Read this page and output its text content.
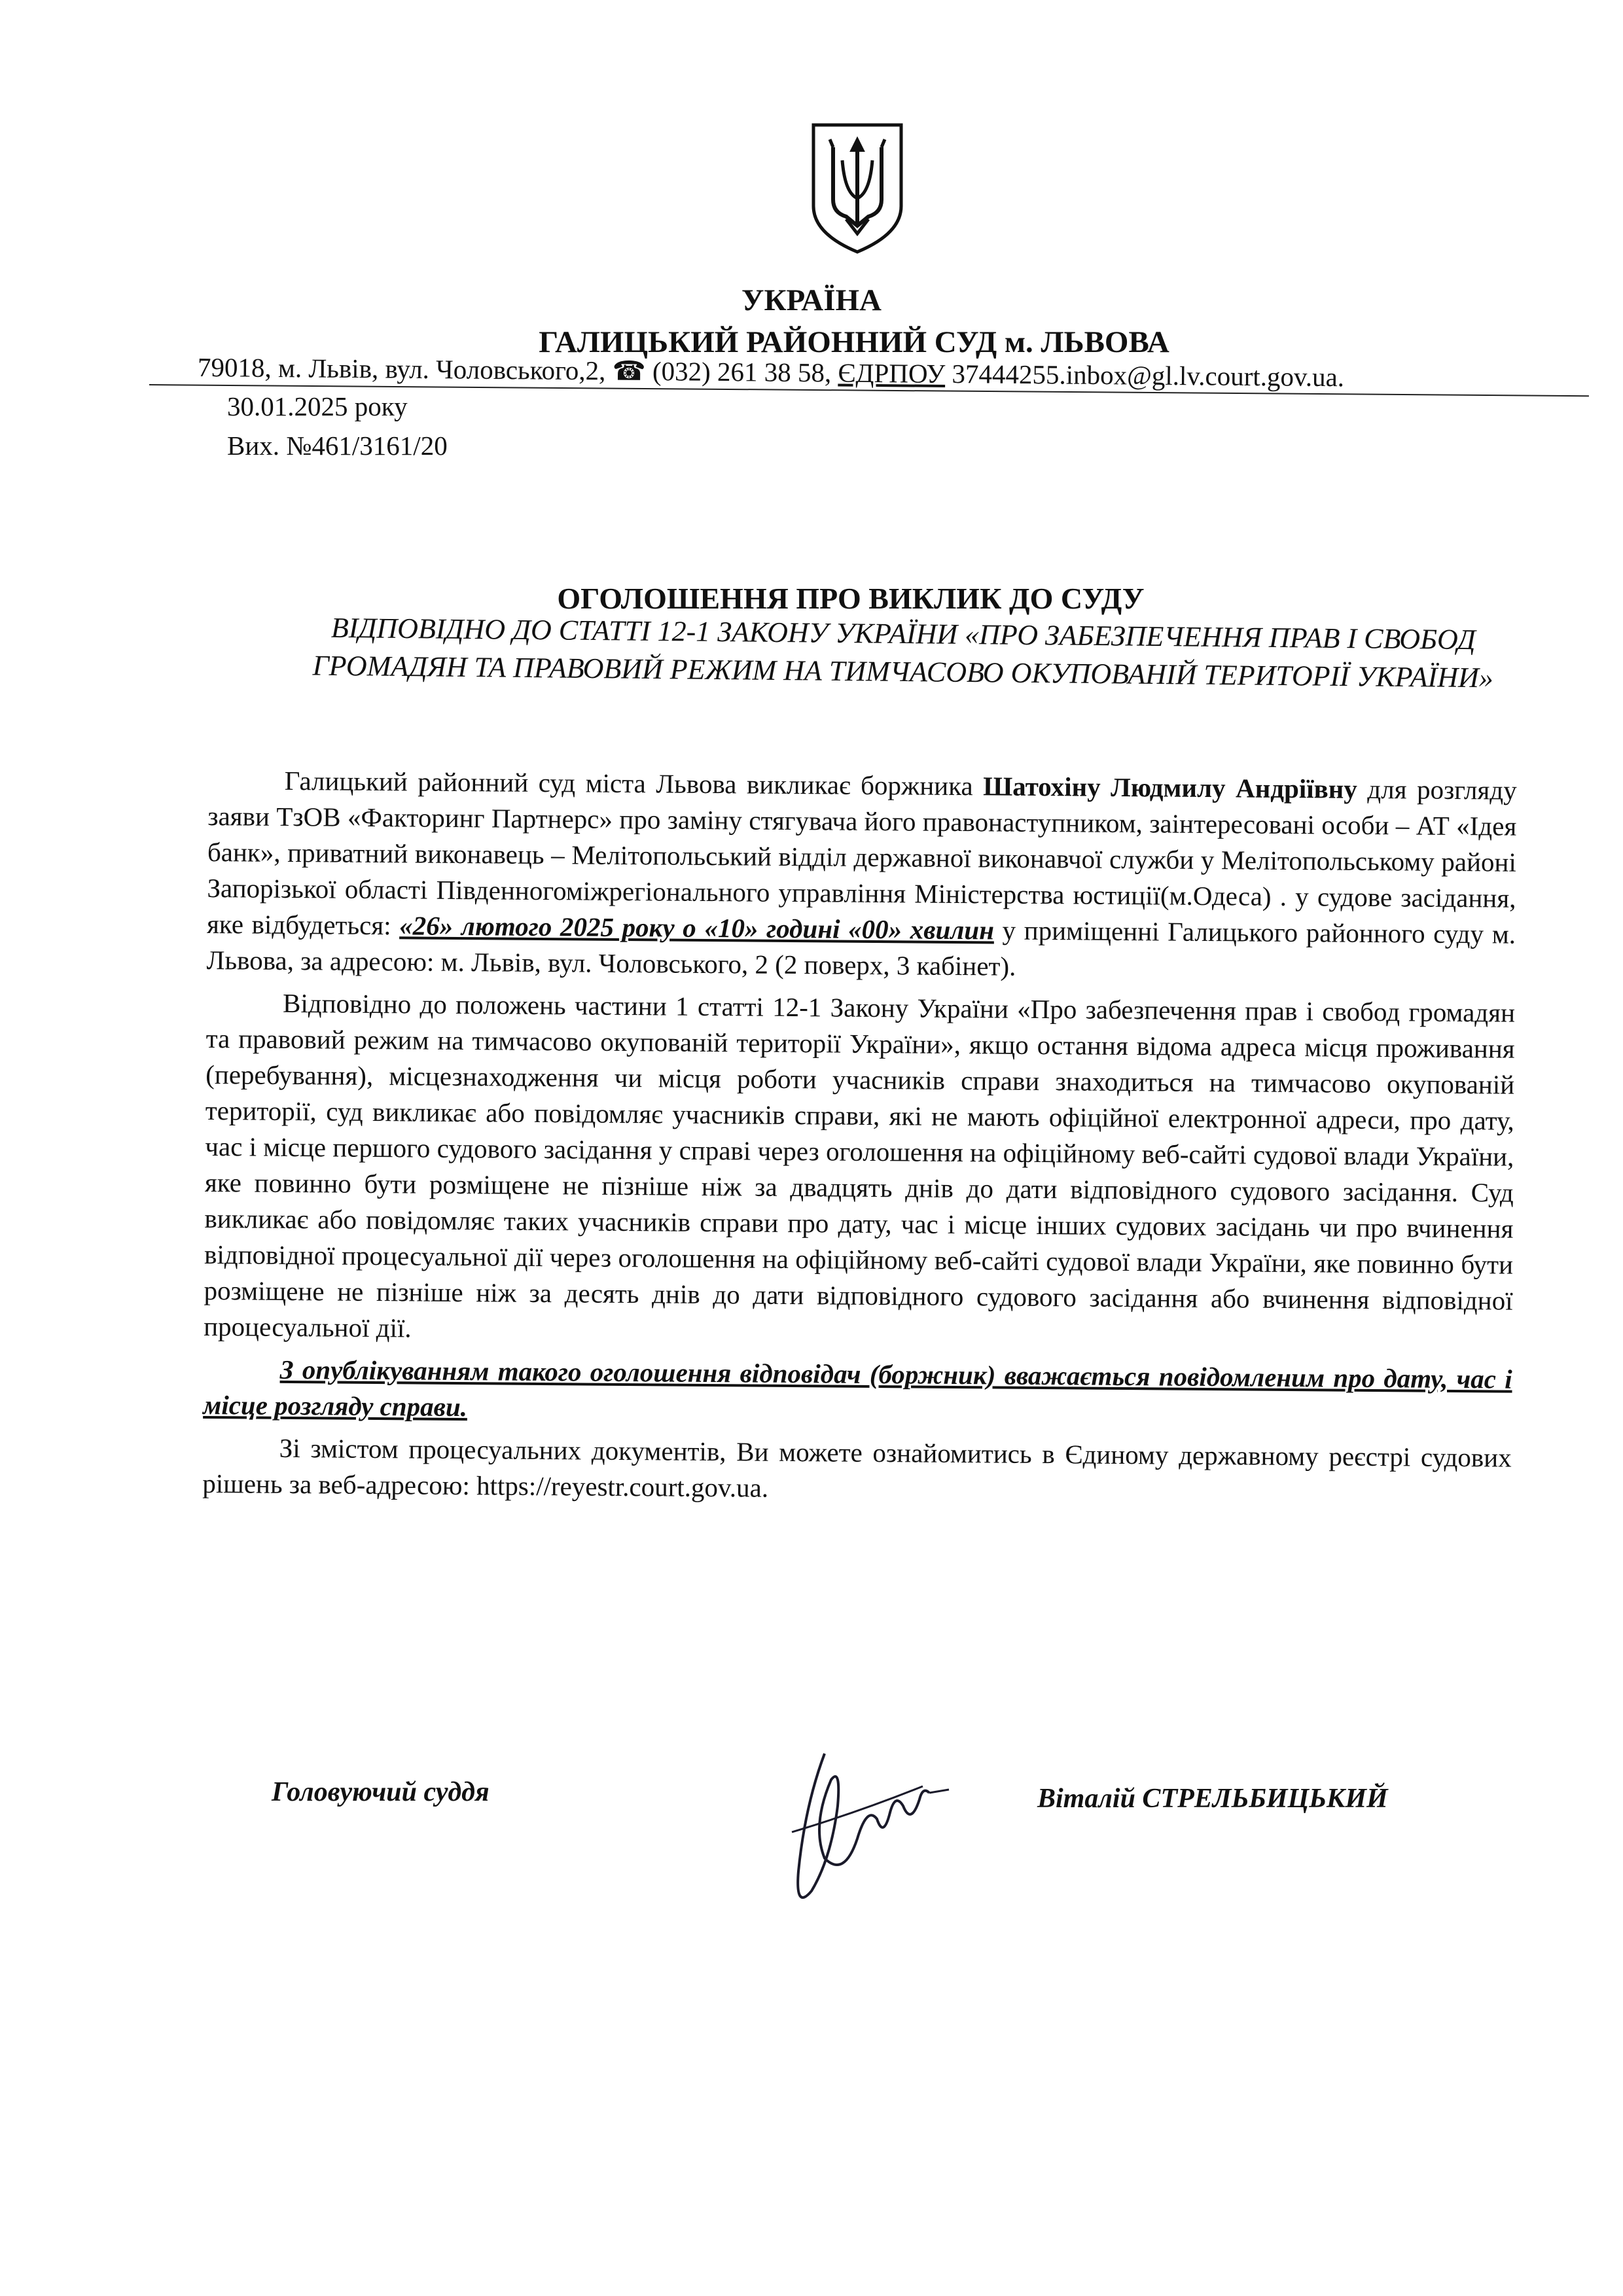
УКРАЇНА
ГАЛИЦЬКИЙ РАЙОННИЙ СУД м. ЛЬВОВА
79018, м. Львів, вул. Чоловського,2, ☎ (032) 261 38 58, ЄДРПОУ 37444255.inbox@gl.lv.court.gov.ua.
30.01.2025 року
Вих. №461/3161/20
ОГОЛОШЕННЯ ПРО ВИКЛИК ДО СУДУ
ВІДПОВІДНО ДО СТАТТІ 12-1 ЗАКОНУ УКРАЇНИ «ПРО ЗАБЕЗПЕЧЕННЯ ПРАВ І СВОБОД ГРОМАДЯН ТА ПРАВОВИЙ РЕЖИМ НА ТИМЧАСОВО ОКУПОВАНІЙ ТЕРИТОРІЇ УКРАЇНИ»

Галицький районний суд міста Львова викликає боржника Шатохіну Людмилу Андріївну для розгляду заяви ТзОВ «Факторинг Партнерс» про заміну стягувача його правонаступником, заінтересовані особи – АТ «Ідея банк», приватний виконавець – Мелітопольський відділ державної виконавчої служби у Мелітопольському районі Запорізької області Південногоміжрегіонального управління Міністерства юстиції(м.Одеса) . у судове засідання, яке відбудеться: «26» лютого 2025 року о «10» годині «00» хвилин у приміщенні Галицького районного суду м. Львова, за адресою: м. Львів, вул. Чоловського, 2 (2 поверх, 3 кабінет).

Відповідно до положень частини 1 статті 12-1 Закону України «Про забезпечення прав і свобод громадян та правовий режим на тимчасово окупованій території України», якщо остання відома адреса місця проживання (перебування), місцезнаходження чи місця роботи учасників справи знаходиться на тимчасово окупованій території, суд викликає або повідомляє учасників справи, які не мають офіційної електронної адреси, про дату, час і місце першого судового засідання у справі через оголошення на офіційному веб-сайті судової влади України, яке повинно бути розміщене не пізніше ніж за двадцять днів до дати відповідного судового засідання. Суд викликає або повідомляє таких учасників справи про дату, час і місце інших судових засідань чи про вчинення відповідної процесуальної дії через оголошення на офіційному веб-сайті судової влади України, яке повинно бути розміщене не пізніше ніж за десять днів до дати відповідного судового засідання або вчинення відповідної процесуальної дії.

З опублікуванням такого оголошення відповідач (боржник) вважається повідомленим про дату, час і місце розгляду справи.

Зі змістом процесуальних документів, Ви можете ознайомитись в Єдиному державному реєстрі судових рішень за веб-адресою: https://reyestr.court.gov.ua.

Головуючий суддя	Віталій СТРЕЛЬБИЦЬКИЙ
